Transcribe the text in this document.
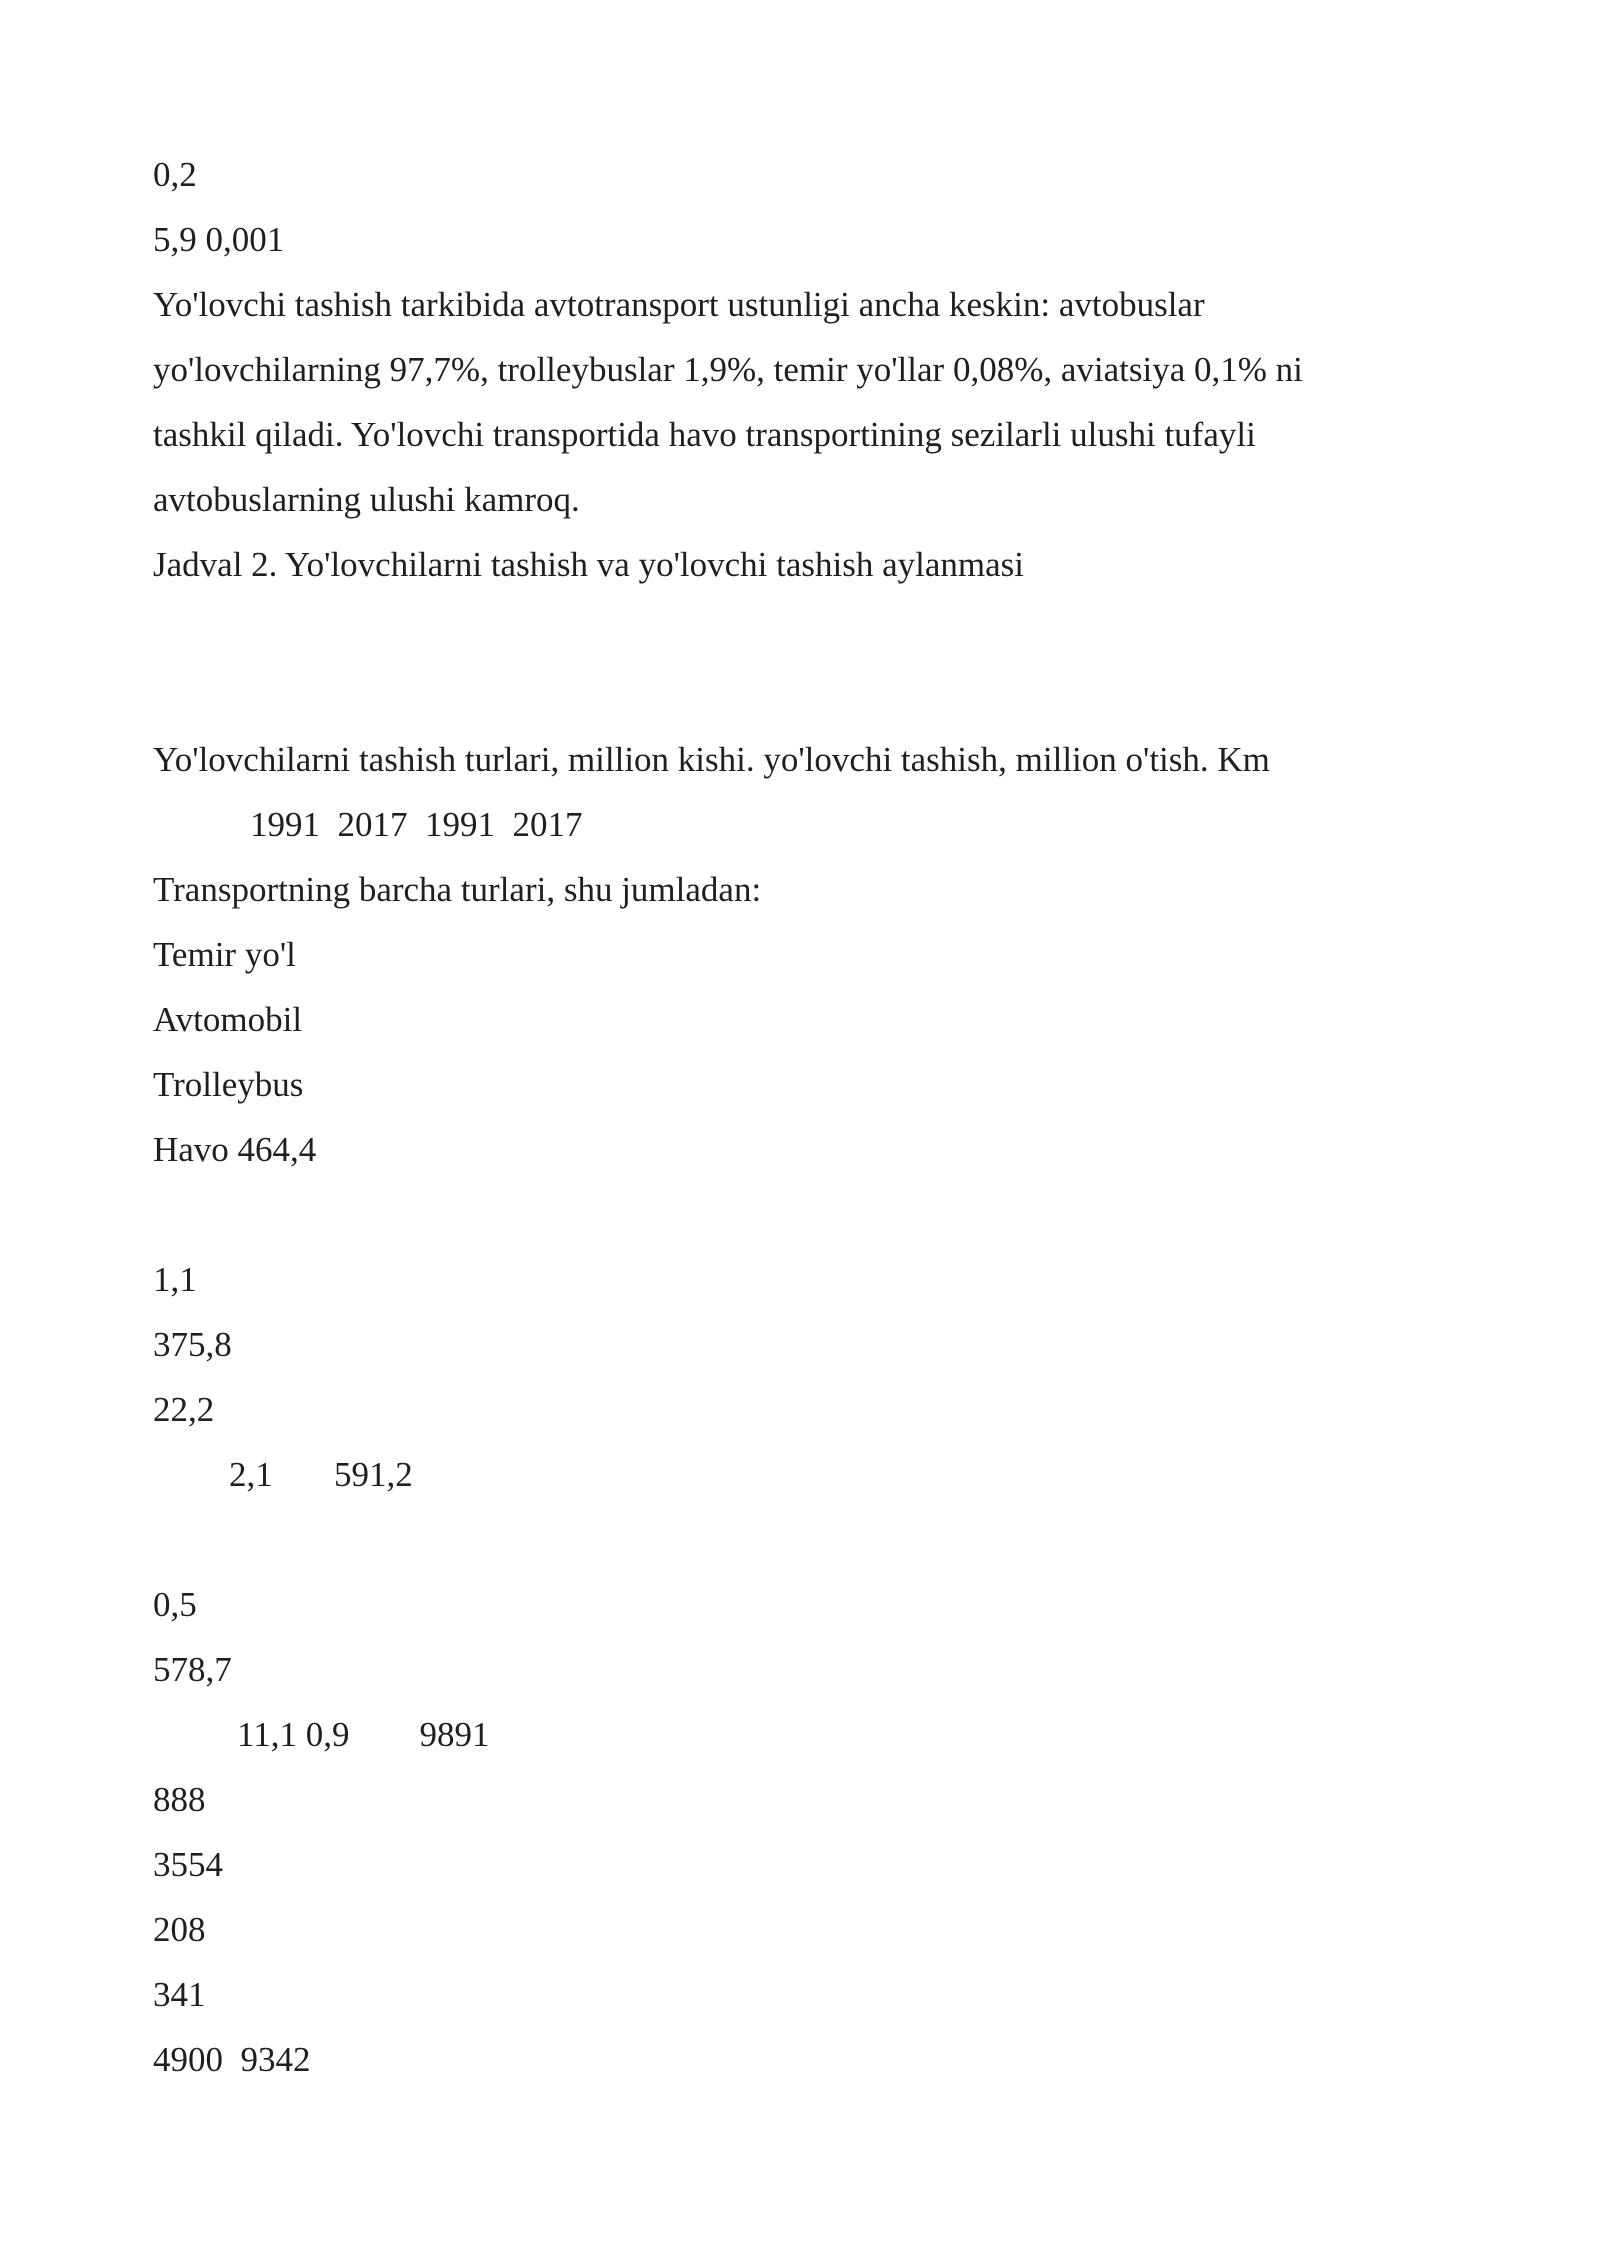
0,2
5,9 0,001
Yo'lovchi tashish tarkibida avtotransport ustunligi ancha keskin: avtobuslar
yo'lovchilarning 97,7%, trolleybuslar 1,9%, temir yo'llar 0,08%, aviatsiya 0,1% ni
tashkil qiladi. Yo'lovchi transportida havo transportining sezilarli ulushi tufayli
avtobuslarning ulushi kamroq.
Jadval 2. Yo'lovchilarni tashish va yo'lovchi tashish aylanmasi
Yo'lovchilarni tashish turlari, million kishi. yo'lovchi tashish, million o'tish. Km
1991  2017  1991  2017
Transportning barcha turlari, shu jumladan:
Temir yo'l
Avtomobil
Trolleybus
Havo 464,4
1,1
375,8
22,2
2,1       591,2
0,5
578,7
11,1 0,9        9891
888
3554
208
341
4900  9342
